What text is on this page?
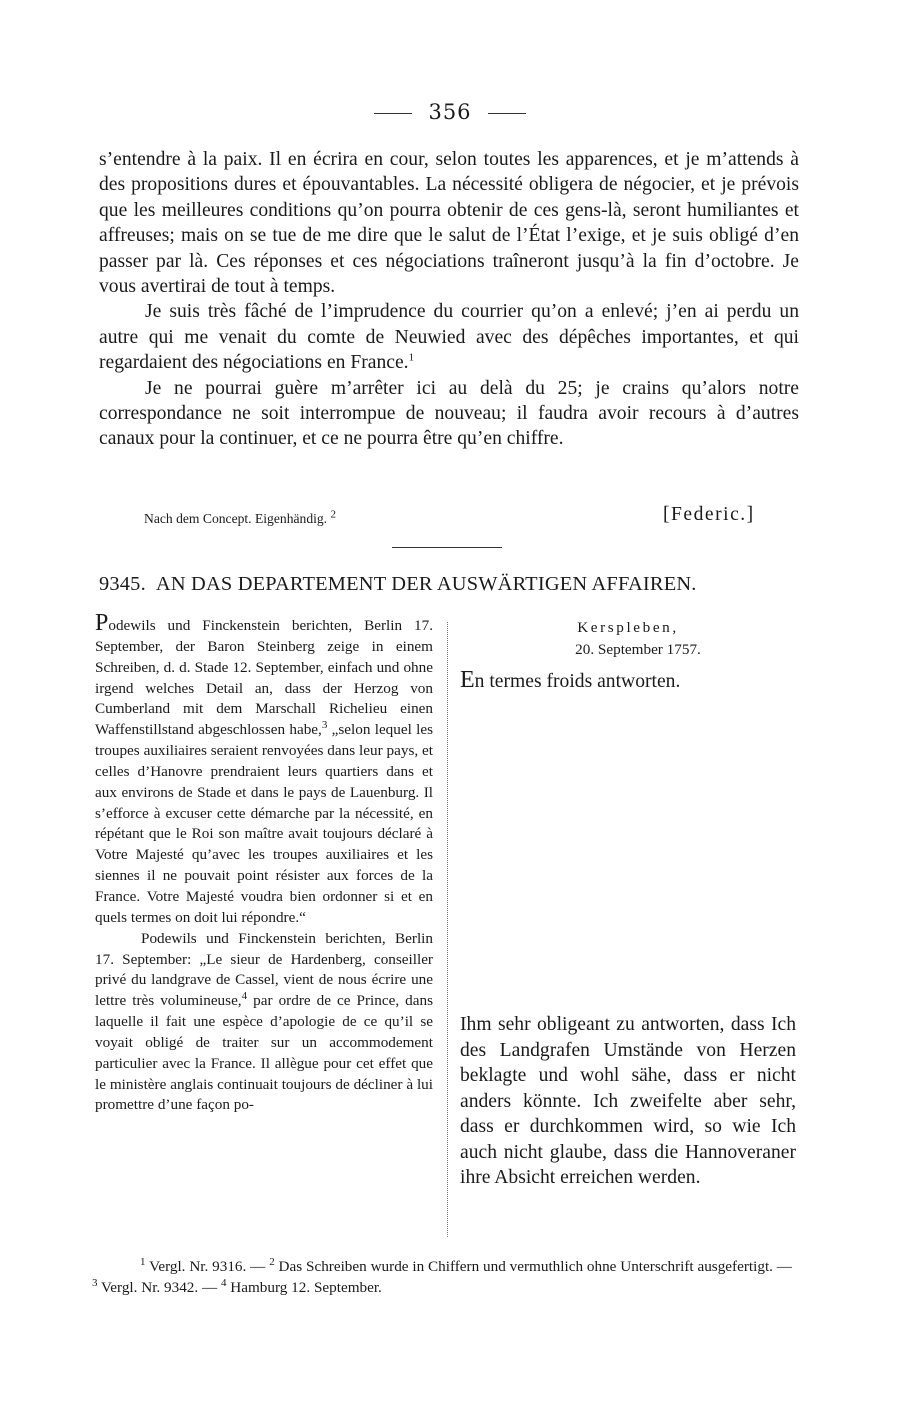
356

s’entendre à la paix. Il en écrira en cour, selon toutes les apparences, et je m’attends à des propositions dures et épouvantables. La nécessité obligera de négocier, et je prévois que les meilleures conditions qu’on pourra obtenir de ces gens-là, seront humiliantes et affreuses; mais on se tue de me dire que le salut de l’État l’exige, et je suis obligé d’en passer par là. Ces réponses et ces négociations traîneront jusqu’à la fin d’octobre. Je vous avertirai de tout à temps.

Je suis très fâché de l’imprudence du courrier qu’on a enlevé; j’en ai perdu un autre qui me venait du comte de Neuwied avec des dépêches importantes, et qui regardaient des négociations en France.$^1$

Je ne pourrai guère m’arrêter ici au delà du 25; je crains qu’alors notre correspondance ne soit interrompue de nouveau; il faudra avoir recours à d’autres canaux pour la continuer, et ce ne pourra être qu’en chiffre.

Nach dem Concept. Eigenhändig. $^2$	[Federic.]
9345. AN DAS DEPARTEMENT DER AUSWÄRTIGEN AFFAIREN.

Podewils und Finckenstein berichten, Berlin 17. September, der Baron Steinberg zeige in einem Schreiben, d. d. Stade 12. September, einfach und ohne irgend welches Detail an, dass der Herzog von Cumberland mit dem Marschall Richelieu einen Waffenstillstand abgeschlossen habe,$^3$ „selon lequel les troupes auxiliaires seraient renvoyées dans leur pays, et celles d’Hanovre prendraient leurs quartiers dans et aux environs de Stade et dans le pays de Lauenburg. Il s’efforce à excuser cette démarche par la nécessité, en répétant que le Roi son maître avait toujours déclaré à Votre Majesté qu’avec les troupes auxiliaires et les siennes il ne pouvait point résister aux forces de la France. Votre Majesté voudra bien ordonner si et en quels termes on doit lui répondre.“

Podewils und Finckenstein berichten, Berlin 17. September: „Le sieur de Hardenberg, conseiller privé du landgrave de Cassel, vient de nous écrire une lettre très volumineuse,$^4$ par ordre de ce Prince, dans laquelle il fait une espèce d’apologie de ce qu’il se voyait obligé de traiter sur un accommodement particulier avec la France. Il allègue pour cet effet que le ministère anglais continuait toujours de décliner à lui promettre d’une façon po-

Kerspleben,
20. September 1757.
En termes froids antworten.

Ihm sehr obligeant zu antworten, dass Ich des Landgrafen Umstände von Herzen beklagte und wohl sähe, dass er nicht anders könnte. Ich zweifelte aber sehr, dass er durchkommen wird, so wie Ich auch nicht glaube, dass die Hannoveraner ihre Absicht erreichen werden.

$^1$ Vergl. Nr. 9316. — $^2$ Das Schreiben wurde in Chiffern und vermuthlich ohne Unterschrift ausgefertigt. — $^3$ Vergl. Nr. 9342. — $^4$ Hamburg 12. September.
